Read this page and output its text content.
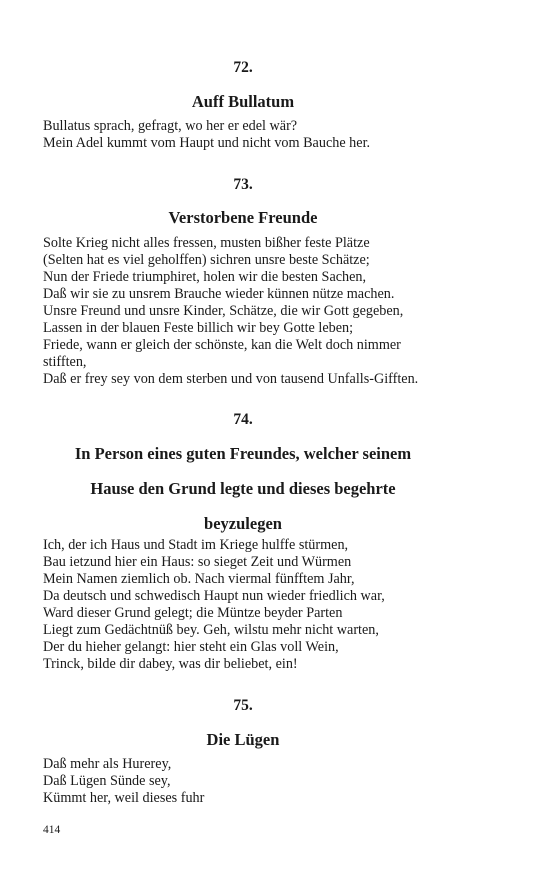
72.
Auff Bullatum
Bullatus sprach, gefragt, wo her er edel wär?
Mein Adel kummt vom Haupt und nicht vom Bauche her.
73.
Verstorbene Freunde
Solte Krieg nicht alles fressen, musten bißher feste Plätze
(Selten hat es viel geholffen) sichren unsre beste Schätze;
Nun der Friede triumphiret, holen wir die besten Sachen,
Daß wir sie zu unsrem Brauche wieder künnen nütze machen.
Unsre Freund und unsre Kinder, Schätze, die wir Gott gegeben,
Lassen in der blauen Feste billich wir bey Gotte leben;
Friede, wann er gleich der schönste, kan die Welt doch nimmer
stifften,
Daß er frey sey von dem sterben und von tausend Unfalls-Gifften.
74.
In Person eines guten Freundes, welcher seinem
Hause den Grund legte und dieses begehrte
beyzulegen
Ich, der ich Haus und Stadt im Kriege hulffe stürmen,
Bau ietzund hier ein Haus: so sieget Zeit und Würmen
Mein Namen ziemlich ob. Nach viermal fünfftem Jahr,
Da deutsch und schwedisch Haupt nun wieder friedlich war,
Ward dieser Grund gelegt; die Müntze beyder Parten
Liegt zum Gedächtnüß bey. Geh, wilstu mehr nicht warten,
Der du hieher gelangt: hier steht ein Glas voll Wein,
Trinck, bilde dir dabey, was dir beliebet, ein!
75.
Die Lügen
Daß mehr als Hurerey,
Daß Lügen Sünde sey,
Kümmt her, weil dieses fuhr
414
